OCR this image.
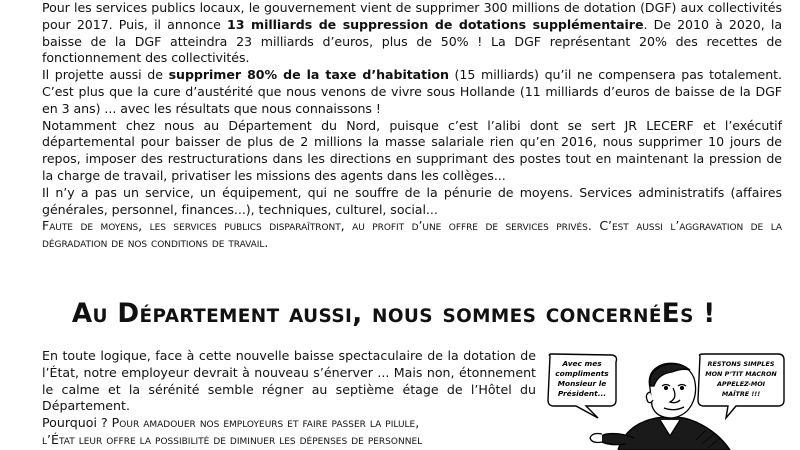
Pour les services publics locaux, le gouvernement vient de supprimer 300 millions de dotation (DGF) aux collectivités pour 2017. Puis, il annonce 13 milliards de suppression de dotations supplémentaire. De 2010 à 2020, la baisse de la DGF atteindra 23 milliards d’euros, plus de 50% ! La DGF représentant 20% des recettes de fonctionnement des collectivités.

Il projette aussi de supprimer 80% de la taxe d’habitation (15 milliards) qu’il ne compensera pas totalement. C’est plus que la cure d’austérité que nous venons de vivre sous Hollande (11 milliards d’euros de baisse de la DGF en 3 ans) ... avec les résultats que nous connaissons !

Notamment chez nous au Département du Nord, puisque c’est l’alibi dont se sert JR LECERF et l’exécutif départemental pour baisser de plus de 2 millions la masse salariale rien qu’en 2016, nous supprimer 10 jours de repos, imposer des restructurations dans les directions en supprimant des postes tout en maintenant la pression de la charge de travail, privatiser les missions des agents dans les collèges...

Il n’y a pas un service, un équipement, qui ne souffre de la pénurie de moyens. Services administratifs (affaires générales, personnel, finances...), techniques, culturel, social...

Faute de moyens, les services publics disparaîtront, au profit d’une offre de services privés. C’est aussi l’aggravation de la dégradation de nos conditions de travail.

Au Département aussi, nous sommes concernéEs !

En toute logique, face à cette nouvelle baisse spectaculaire de la dotation de l’État, notre employeur devrait à nouveau s’énerver ... Mais non, étonnement le calme et la sérénité semble régner au septième étage de l’Hôtel du Département.

Pourquoi ? Pour amadouer nos employeurs et faire passer la pilule,

l’État leur offre la possibilité de diminuer les dépenses de personnel

Avec mes
compliments
Monsieur le
Président...
RESTONS SIMPLES
MON P’TIT MACRON
APPELEZ-MOI
MAÎTRE !!!
